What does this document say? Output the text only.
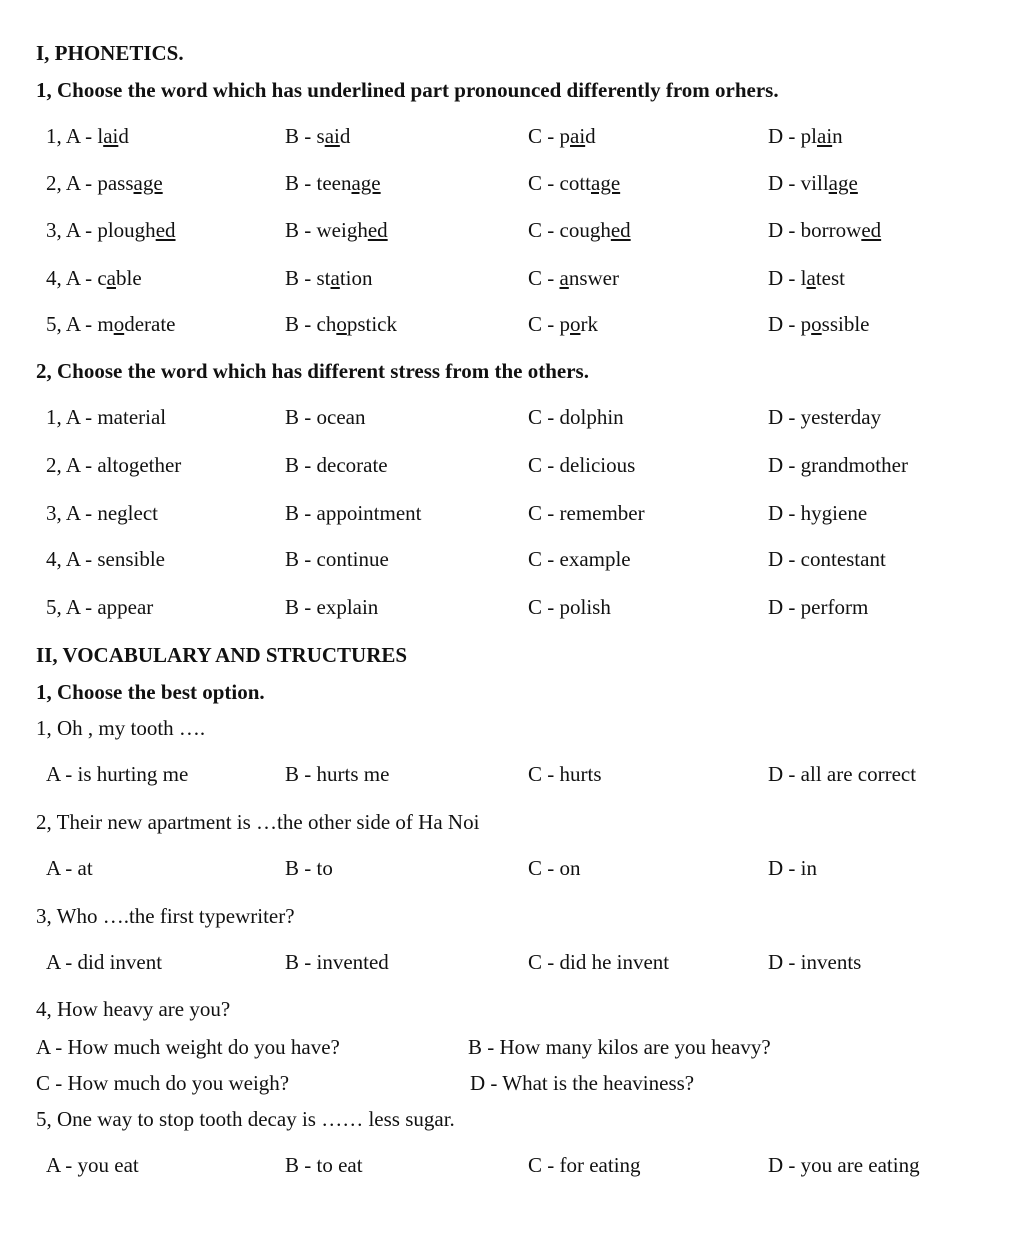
I, PHONETICS.
1, Choose the word which has underlined part pronounced differently from orhers.
1, A - laid	B - said	C - paid	D - plain
2, A - passage	B - teenage	C - cottage	D - village
3, A - ploughed	B - weighed	C - coughed	D - borrowed
4, A - cable	B - station	C - answer	D - latest
5, A - moderate	B - chopstick	C - pork	D - possible
2, Choose the word which has different stress from the others.
1, A - material	B - ocean	C - dolphin	D - yesterday
2, A - altogether	B - decorate	C - delicious	D - grandmother
3, A - neglect	B - appointment	C - remember	D - hygiene
4, A - sensible	B - continue	C - example	D - contestant
5, A - appear	B - explain	C - polish	D - perform
II, VOCABULARY AND STRUCTURES
1, Choose the best option.
1, Oh , my tooth ….
A - is hurting me	B - hurts me	C - hurts	D - all are correct
2, Their new apartment is …the other side of Ha Noi
A - at	B - to	C - on	D - in
3, Who ….the first typewriter?
A - did invent	B - invented	C - did he invent	D - invents
4, How heavy are you?
A - How much weight do you have?	B - How many kilos are you heavy?
C - How much do you weigh?	D - What is the heaviness?
5, One way to stop tooth decay is …… less sugar.
A - you eat	B - to eat	C - for eating	D - you are eating
